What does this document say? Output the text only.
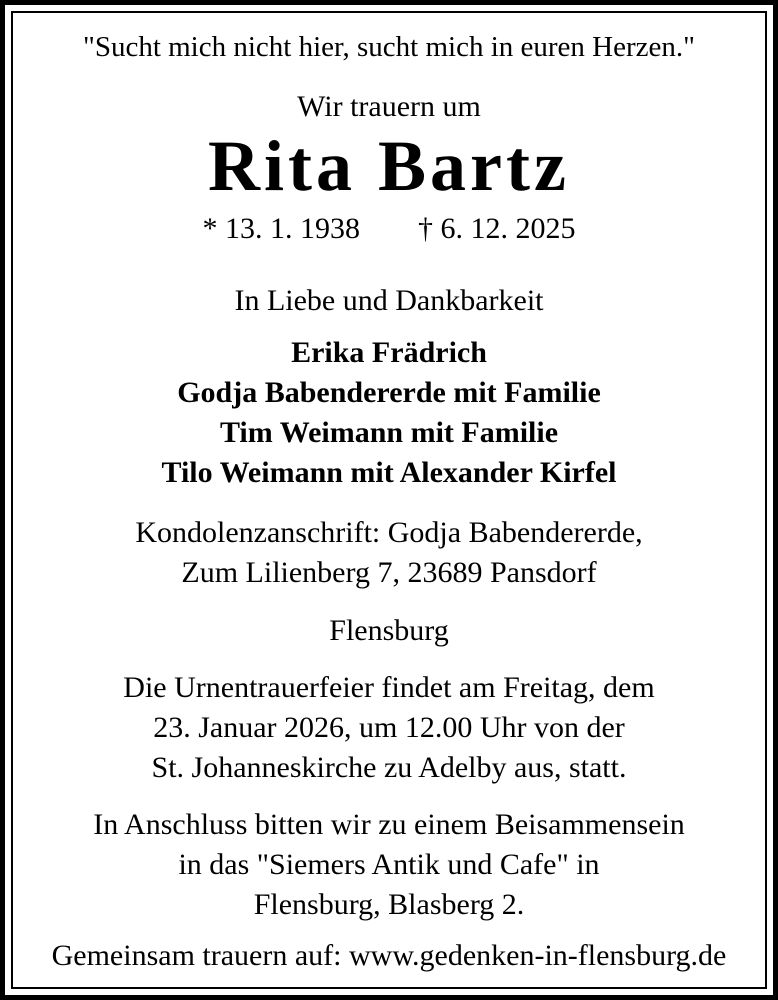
"Sucht mich nicht hier, sucht mich in euren Herzen."
Wir trauern um
Rita Bartz
* 13. 1. 1938 † 6. 12. 2025
In Liebe und Dankbarkeit
Erika Frädrich
Godja Babendererde mit Familie
Tim Weimann mit Familie
Tilo Weimann mit Alexander Kirfel
Kondolenzanschrift: Godja Babendererde,
Zum Lilienberg 7, 23689 Pansdorf
Flensburg
Die Urnentrauerfeier findet am Freitag, dem
23. Januar 2026, um 12.00 Uhr von der
St. Johanneskirche zu Adelby aus, statt.
In Anschluss bitten wir zu einem Beisammensein
in das "Siemers Antik und Cafe" in
Flensburg, Blasberg 2.
Gemeinsam trauern auf: www.gedenken-in-flensburg.de
